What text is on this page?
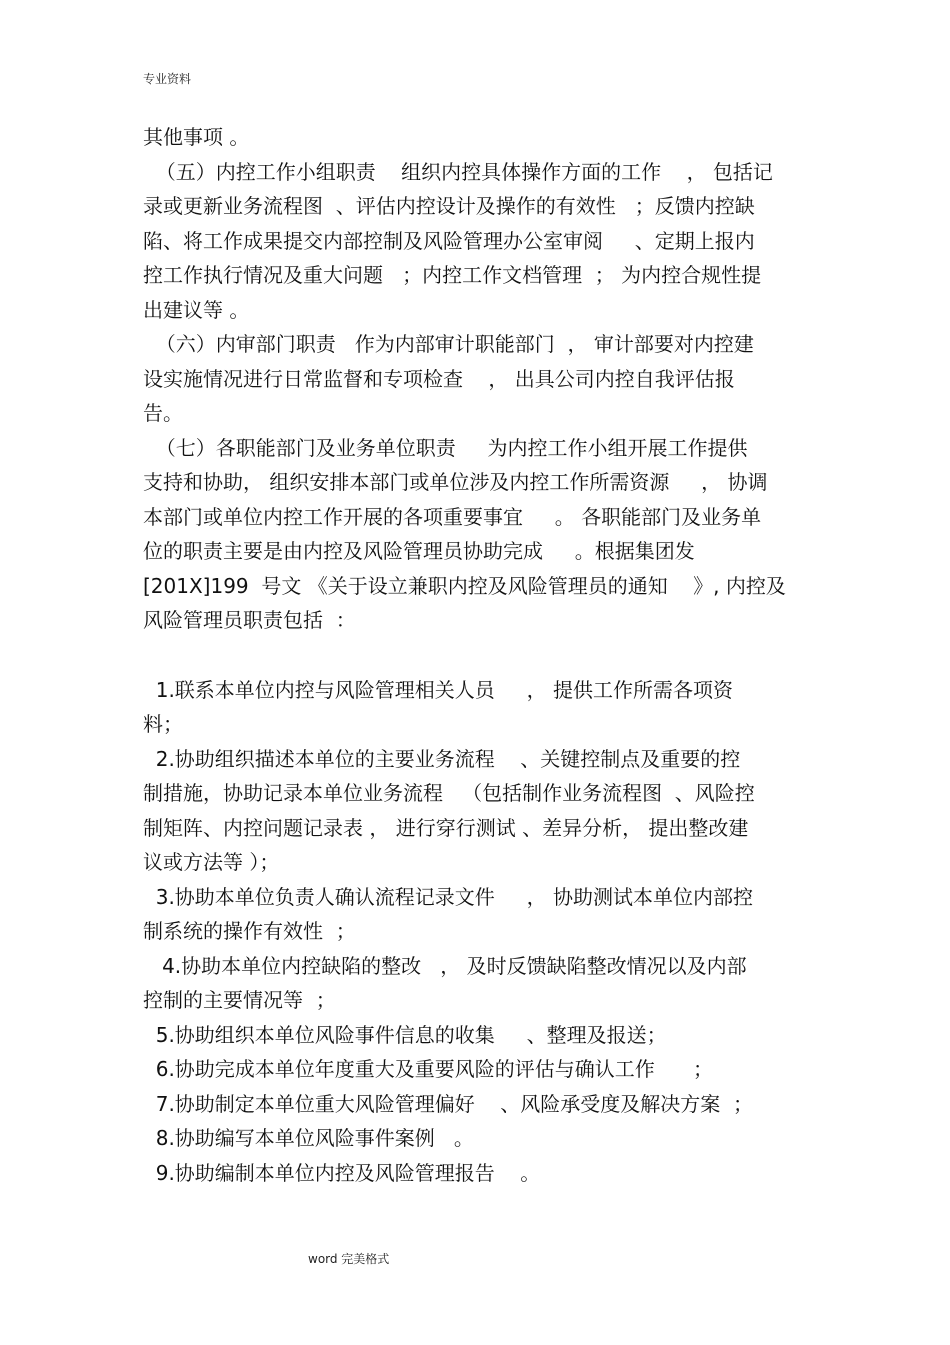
专业资料
其他事项 。
（五）内控工作小组职责    组织内控具体操作方面的工作    ， 包括记
录或更新业务流程图  、评估内控设计及操作的有效性   ；反馈内控缺
陷、将工作成果提交内部控制及风险管理办公室审阅     、定期上报内
控工作执行情况及重大问题   ；内控工作文档管理  ； 为内控合规性提
出建议等 。
（六）内审部门职责   作为内部审计职能部门  ， 审计部要对内控建
设实施情况进行日常监督和专项检查    ， 出具公司内控自我评估报
告。
（七）各职能部门及业务单位职责     为内控工作小组开展工作提供
支持和协助， 组织安排本部门或单位涉及内控工作所需资源     ， 协调
本部门或单位内控工作开展的各项重要事宜     。 各职能部门及业务单
位的职责主要是由内控及风险管理员协助完成     。根据集团发
[201X]199  号文 《关于设立兼职内控及风险管理员的通知    》, 内控及
风险管理员职责包括  ：
1.联系本单位内控与风险管理相关人员     ， 提供工作所需各项资
料；
2.协助组织描述本单位的主要业务流程    、关键控制点及重要的控
制措施，协助记录本单位业务流程   （包括制作业务流程图  、风险控
制矩阵、内控问题记录表 ， 进行穿行测试 、差异分析， 提出整改建
议或方法等 ）；
3.协助本单位负责人确认流程记录文件     ， 协助测试本单位内部控
制系统的操作有效性  ；
4.协助本单位内控缺陷的整改   ， 及时反馈缺陷整改情况以及内部
控制的主要情况等  ；
5.协助组织本单位风险事件信息的收集     、整理及报送；
6.协助完成本单位年度重大及重要风险的评估与确认工作      ；
7.协助制定本单位重大风险管理偏好    、风险承受度及解决方案  ；
8.协助编写本单位风险事件案例   。
9.协助编制本单位内控及风险管理报告    。
word 完美格式
